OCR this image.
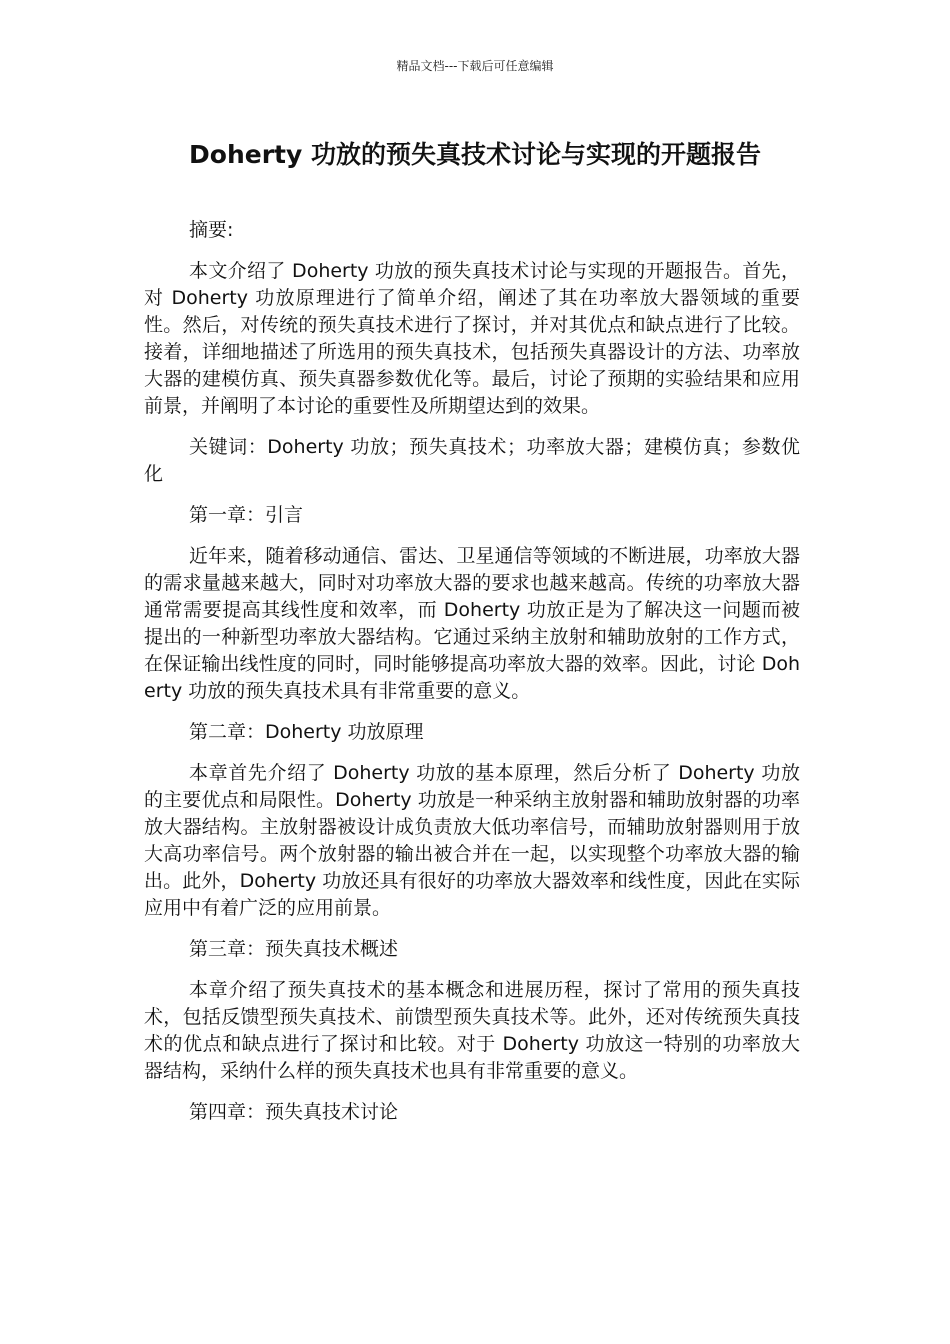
精品文档---下载后可任意编辑
Doherty 功放的预失真技术讨论与实现的开题报告

摘要:

本文介绍了 Doherty 功放的预失真技术讨论与实现的开题报告。首先，对 Doherty 功放原理进行了简单介绍，阐述了其在功率放大器领域的重要性。然后，对传统的预失真技术进行了探讨，并对其优点和缺点进行了比较。接着，详细地描述了所选用的预失真技术，包括预失真器设计的方法、功率放大器的建模仿真、预失真器参数优化等。最后，讨论了预期的实验结果和应用前景，并阐明了本讨论的重要性及所期望达到的效果。

关键词：Doherty 功放；预失真技术；功率放大器；建模仿真；参数优化

第一章：引言

近年来，随着移动通信、雷达、卫星通信等领域的不断进展，功率放大器的需求量越来越大，同时对功率放大器的要求也越来越高。传统的功率放大器通常需要提高其线性度和效率，而 Doherty 功放正是为了解决这一问题而被提出的一种新型功率放大器结构。它通过采纳主放射和辅助放射的工作方式，在保证输出线性度的同时，同时能够提高功率放大器的效率。因此，讨论 Doherty 功放的预失真技术具有非常重要的意义。

第二章：Doherty 功放原理

本章首先介绍了 Doherty 功放的基本原理，然后分析了 Doherty 功放的主要优点和局限性。Doherty 功放是一种采纳主放射器和辅助放射器的功率放大器结构。主放射器被设计成负责放大低功率信号，而辅助放射器则用于放大高功率信号。两个放射器的输出被合并在一起，以实现整个功率放大器的输出。此外，Doherty 功放还具有很好的功率放大器效率和线性度，因此在实际应用中有着广泛的应用前景。

第三章：预失真技术概述

本章介绍了预失真技术的基本概念和进展历程，探讨了常用的预失真技术，包括反馈型预失真技术、前馈型预失真技术等。此外，还对传统预失真技术的优点和缺点进行了探讨和比较。对于 Doherty 功放这一特别的功率放大器结构，采纳什么样的预失真技术也具有非常重要的意义。

第四章：预失真技术讨论
